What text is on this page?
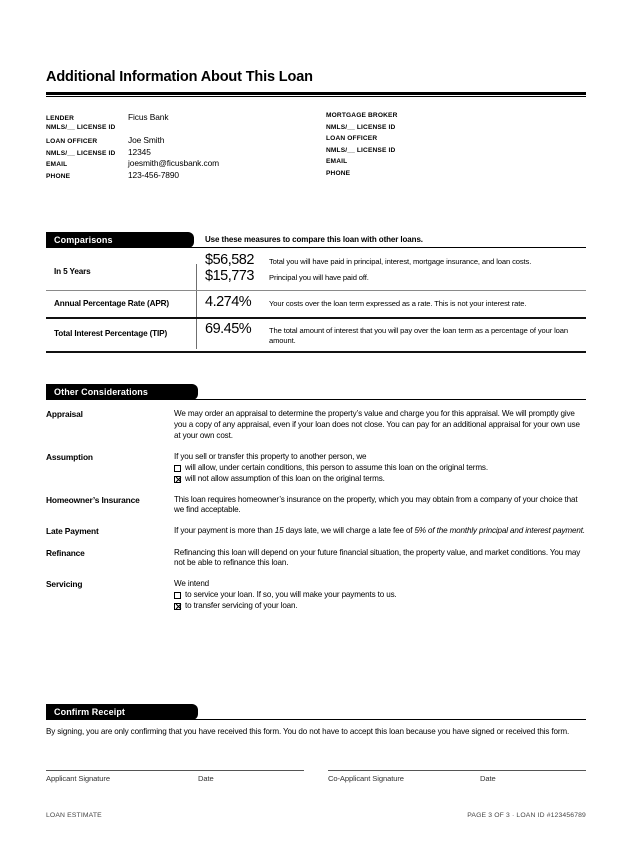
Additional Information About This Loan
LENDER	Ficus Bank
NMLS/__ LICENSE ID
LOAN OFFICER	Joe Smith
NMLS/__ LICENSE ID	12345
EMAIL	joesmith@ficusbank.com
PHONE	123-456-7890
MORTGAGE BROKER
NMLS/__ LICENSE ID
LOAN OFFICER
NMLS/__ LICENSE ID
EMAIL
PHONE
Comparisons	Use these measures to compare this loan with other loans.
In 5 Years
$56,582	Total you will have paid in principal, interest, mortgage insurance, and loan costs.
$15,773	Principal you will have paid off.
Annual Percentage Rate (APR)	4.274%	Your costs over the loan term expressed as a rate. This is not your interest rate.
Total Interest Percentage (TIP)	69.45%	The total amount of interest that you will pay over the loan term as a percentage of your loan amount.
Other Considerations
Appraisal	We may order an appraisal to determine the property’s value and charge you for this appraisal. We will promptly give you a copy of any appraisal, even if your loan does not close. You can pay for an additional appraisal for your own use at your own cost.
Assumption	If you sell or transfer this property to another person, we
will allow, under certain conditions, this person to assume this loan on the original terms.
will not allow assumption of this loan on the original terms.
Homeowner’s Insurance	This loan requires homeowner’s insurance on the property, which you may obtain from a company of your choice that we find acceptable.
Late Payment	If your payment is more than 15 days late, we will charge a late fee of 5% of the monthly principal and interest payment.
Refinance	Refinancing this loan will depend on your future financial situation, the property value, and market conditions. You may not be able to refinance this loan.
Servicing	We intend
to service your loan. If so, you will make your payments to us.
to transfer servicing of your loan.
Confirm Receipt
By signing, you are only confirming that you have received this form. You do not have to accept this loan because you have signed or received this form.
Applicant Signature	Date	Co-Applicant Signature	Date
LOAN ESTIMATE	PAGE 3 OF 3 · LOAN ID #123456789
